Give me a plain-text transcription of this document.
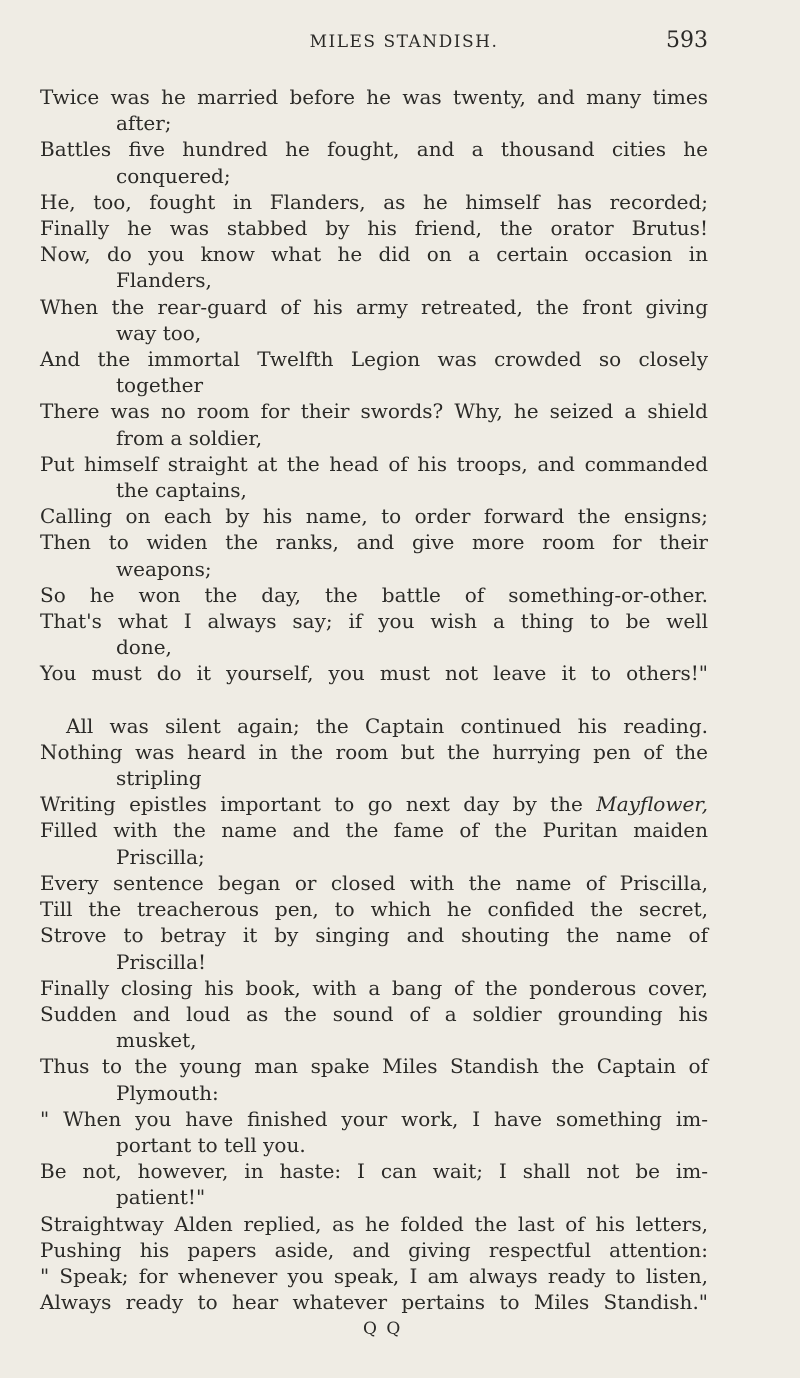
MILES STANDISH.	593
Twice was he married before he was twenty, and many times
after;
Battles five hundred he fought, and a thousand cities he
conquered;
He, too, fought in Flanders, as he himself has recorded;
Finally he was stabbed by his friend, the orator Brutus!
Now, do you know what he did on a certain occasion in
Flanders,
When the rear-guard of his army retreated, the front giving
way too,
And the immortal Twelfth Legion was crowded so closely
together
There was no room for their swords? Why, he seized a shield
from a soldier,
Put himself straight at the head of his troops, and commanded
the captains,
Calling on each by his name, to order forward the ensigns;
Then to widen the ranks, and give more room for their
weapons;
So he won the day, the battle of something-or-other.
That's what I always say; if you wish a thing to be well
done,
You must do it yourself, you must not leave it to others!"
All was silent again; the Captain continued his reading.
Nothing was heard in the room but the hurrying pen of the
stripling
Writing epistles important to go next day by the Mayflower,
Filled with the name and the fame of the Puritan maiden
Priscilla;
Every sentence began or closed with the name of Priscilla,
Till the treacherous pen, to which he confided the secret,
Strove to betray it by singing and shouting the name of
Priscilla!
Finally closing his book, with a bang of the ponderous cover,
Sudden and loud as the sound of a soldier grounding his
musket,
Thus to the young man spake Miles Standish the Captain of
Plymouth:
" When you have finished your work, I have something im-
portant to tell you.
Be not, however, in haste: I can wait; I shall not be im-
patient!"
Straightway Alden replied, as he folded the last of his letters,
Pushing his papers aside, and giving respectful attention:
" Speak; for whenever you speak, I am always ready to listen,
Always ready to hear whatever pertains to Miles Standish."
Q Q
